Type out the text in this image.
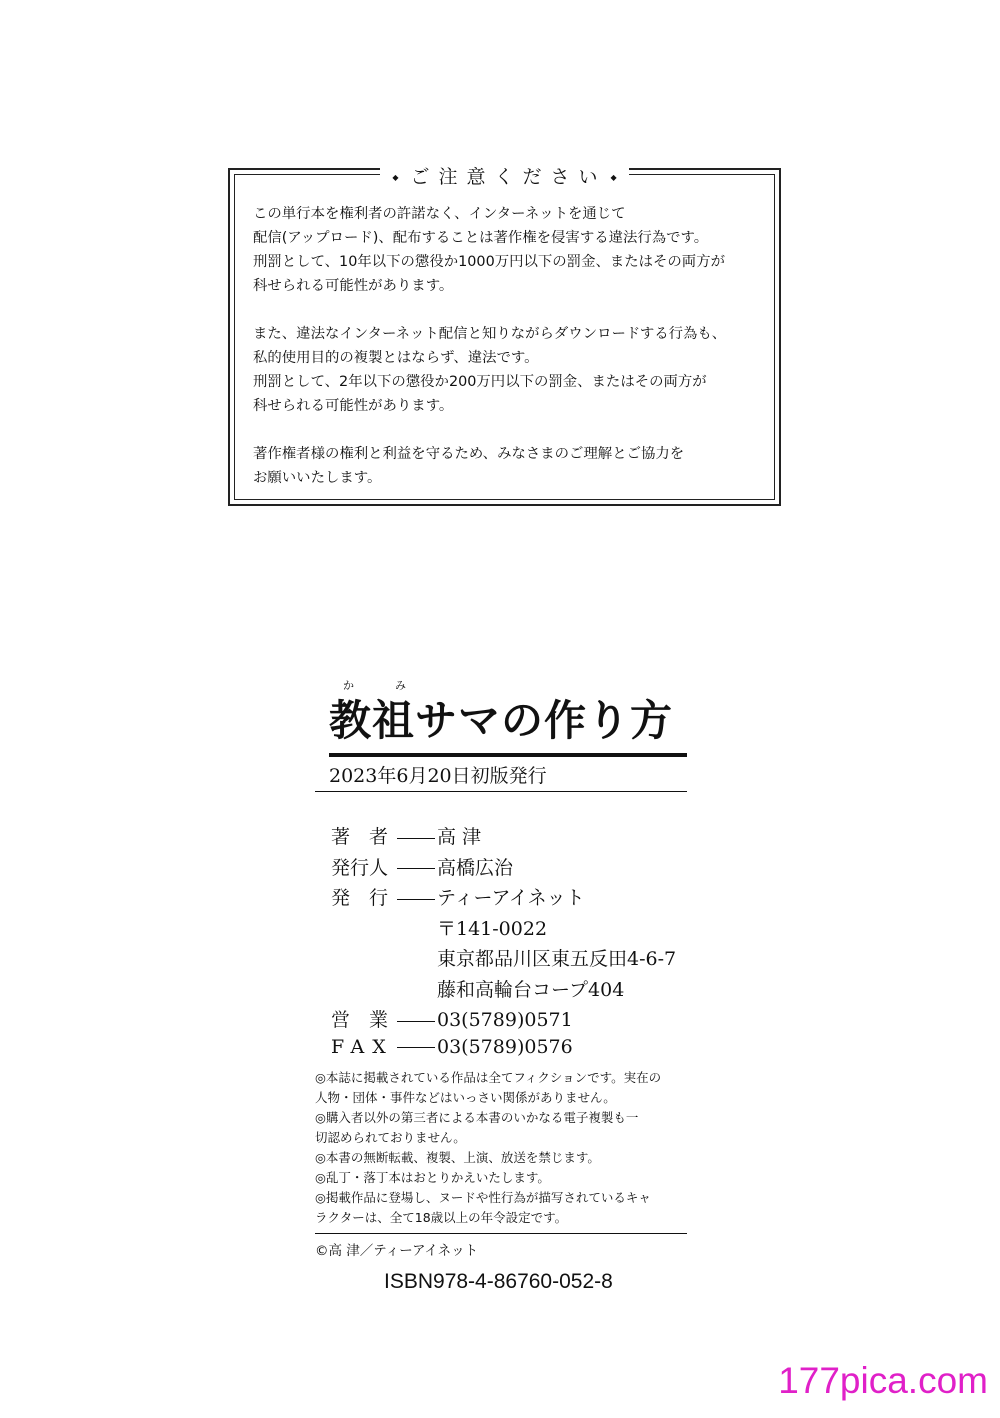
◆ ご注意ください ◆
この単行本を権利者の許諾なく、インターネットを通じて
配信(アップロード)、配布することは著作権を侵害する違法行為です。
刑罰として、10年以下の懲役か1000万円以下の罰金、またはその両方が
科せられる可能性があります。
また、違法なインターネット配信と知りながらダウンロードする行為も、
私的使用目的の複製とはならず、違法です。
刑罰として、2年以下の懲役か200万円以下の罰金、またはその両方が
科せられる可能性があります。
著作権者様の権利と利益を守るため、みなさまのご理解とご協力を
お願いいたします。
か	み
教祖サマの作り方
2023年6月20日初版発行
著　者	高 津
発行人	高橋広治
発　行	ティーアイネット
〒141-0022
東京都品川区東五反田4-6-7
藤和高輪台コープ404
営　業	03(5789)0571
FAX 03(5789)0576
◎本誌に掲載されている作品は全てフィクションです。実在の
人物・団体・事件などはいっさい関係がありません。
◎購入者以外の第三者による本書のいかなる電子複製も一
切認められておりません。
◎本書の無断転載、複製、上演、放送を禁じます。
◎乱丁・落丁本はおとりかえいたします。
◎掲載作品に登場し、ヌードや性行為が描写されているキャ
ラクターは、全て18歳以上の年令設定です。
©高 津／ティーアイネット
ISBN978-4-86760-052-8
177pica.com
